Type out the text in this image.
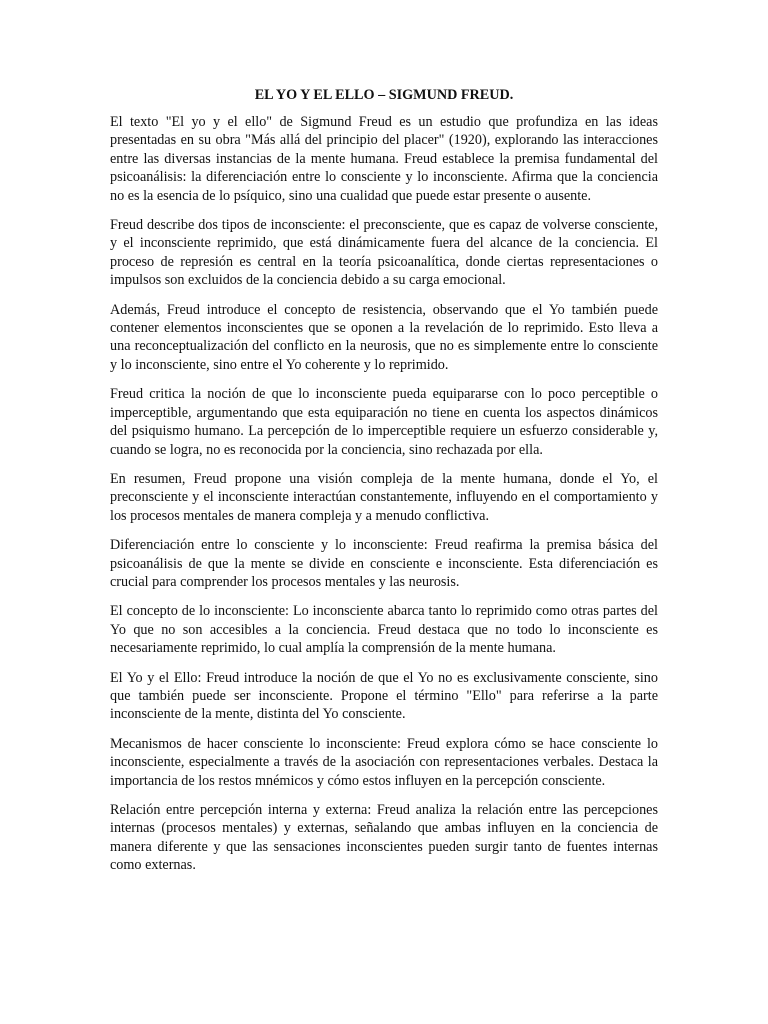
EL YO Y EL ELLO – SIGMUND FREUD.

El texto "El yo y el ello" de Sigmund Freud es un estudio que profundiza en las ideas presentadas en su obra "Más allá del principio del placer" (1920), explorando las interacciones entre las diversas instancias de la mente humana. Freud establece la premisa fundamental del psicoanálisis: la diferenciación entre lo consciente y lo inconsciente. Afirma que la conciencia no es la esencia de lo psíquico, sino una cualidad que puede estar presente o ausente.

Freud describe dos tipos de inconsciente: el preconsciente, que es capaz de volverse consciente, y el inconsciente reprimido, que está dinámicamente fuera del alcance de la conciencia. El proceso de represión es central en la teoría psicoanalítica, donde ciertas representaciones o impulsos son excluidos de la conciencia debido a su carga emocional.

Además, Freud introduce el concepto de resistencia, observando que el Yo también puede contener elementos inconscientes que se oponen a la revelación de lo reprimido. Esto lleva a una reconceptualización del conflicto en la neurosis, que no es simplemente entre lo consciente y lo inconsciente, sino entre el Yo coherente y lo reprimido.

Freud critica la noción de que lo inconsciente pueda equipararse con lo poco perceptible o imperceptible, argumentando que esta equiparación no tiene en cuenta los aspectos dinámicos del psiquismo humano. La percepción de lo imperceptible requiere un esfuerzo considerable y, cuando se logra, no es reconocida por la conciencia, sino rechazada por ella.

En resumen, Freud propone una visión compleja de la mente humana, donde el Yo, el preconsciente y el inconsciente interactúan constantemente, influyendo en el comportamiento y los procesos mentales de manera compleja y a menudo conflictiva.

Diferenciación entre lo consciente y lo inconsciente: Freud reafirma la premisa básica del psicoanálisis de que la mente se divide en consciente e inconsciente. Esta diferenciación es crucial para comprender los procesos mentales y las neurosis.

El concepto de lo inconsciente: Lo inconsciente abarca tanto lo reprimido como otras partes del Yo que no son accesibles a la conciencia. Freud destaca que no todo lo inconsciente es necesariamente reprimido, lo cual amplía la comprensión de la mente humana.

El Yo y el Ello: Freud introduce la noción de que el Yo no es exclusivamente consciente, sino que también puede ser inconsciente. Propone el término "Ello" para referirse a la parte inconsciente de la mente, distinta del Yo consciente.

Mecanismos de hacer consciente lo inconsciente: Freud explora cómo se hace consciente lo inconsciente, especialmente a través de la asociación con representaciones verbales. Destaca la importancia de los restos mnémicos y cómo estos influyen en la percepción consciente.

Relación entre percepción interna y externa: Freud analiza la relación entre las percepciones internas (procesos mentales) y externas, señalando que ambas influyen en la conciencia de manera diferente y que las sensaciones inconscientes pueden surgir tanto de fuentes internas como externas.
